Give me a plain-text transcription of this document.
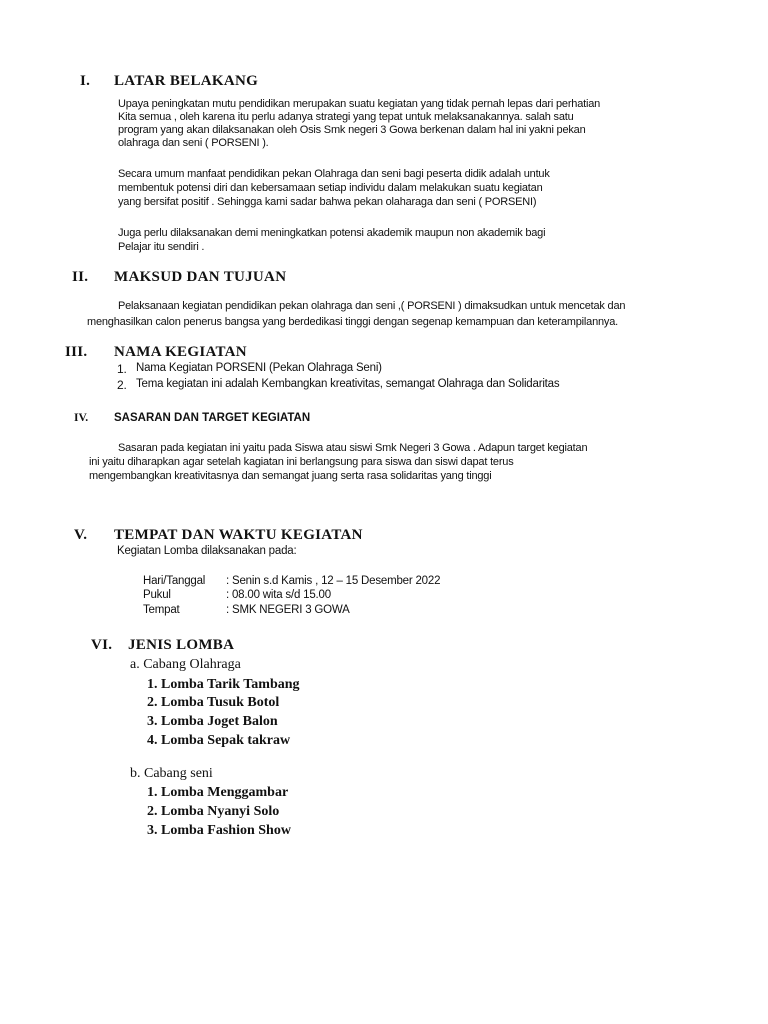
I. LATAR BELAKANG
Upaya peningkatan mutu pendidikan merupakan suatu kegiatan yang tidak pernah lepas dari perhatian
Kita semua , oleh karena itu perlu adanya strategi yang tepat untuk melaksanakannya. salah satu
program yang akan dilaksanakan oleh Osis Smk negeri 3 Gowa berkenan dalam hal ini yakni pekan
olahraga dan seni ( PORSENI ).
Secara umum manfaat pendidikan pekan Olahraga dan seni bagi peserta didik adalah untuk
membentuk potensi diri dan kebersamaan setiap individu dalam melakukan suatu kegiatan
yang bersifat positif . Sehingga kami sadar bahwa pekan olaharaga dan seni ( PORSENI)
Juga perlu dilaksanakan demi meningkatkan potensi akademik maupun non akademik bagi
Pelajar itu sendiri .
II. MAKSUD DAN TUJUAN
Pelaksanaan kegiatan pendidikan pekan olahraga dan seni ,( PORSENI ) dimaksudkan untuk mencetak dan
menghasilkan calon penerus bangsa yang berdedikasi tinggi dengan segenap kemampuan dan keterampilannya.
III. NAMA KEGIATAN
1. Nama Kegiatan PORSENI (Pekan Olahraga Seni)
2. Tema kegiatan ini adalah Kembangkan kreativitas, semangat Olahraga dan Solidaritas
IV. SASARAN DAN TARGET KEGIATAN
Sasaran pada kegiatan ini yaitu pada Siswa atau siswi Smk Negeri 3 Gowa . Adapun target kegiatan
ini yaitu diharapkan agar setelah kagiatan ini berlangsung para siswa dan siswi dapat terus
mengembangkan kreativitasnya dan semangat juang serta rasa solidaritas yang tinggi
V. TEMPAT DAN WAKTU KEGIATAN
Kegiatan Lomba dilaksanakan pada:
Hari/Tanggal : Senin s.d Kamis , 12 – 15 Desember 2022
Pukul	: 08.00 wita s/d 15.00
Tempat	: SMK NEGERI 3 GOWA
VI. JENIS LOMBA
a. Cabang Olahraga
1. Lomba Tarik Tambang
2. Lomba Tusuk Botol
3. Lomba Joget Balon
4. Lomba Sepak takraw
b. Cabang seni
1. Lomba Menggambar
2. Lomba Nyanyi Solo
3. Lomba Fashion Show
